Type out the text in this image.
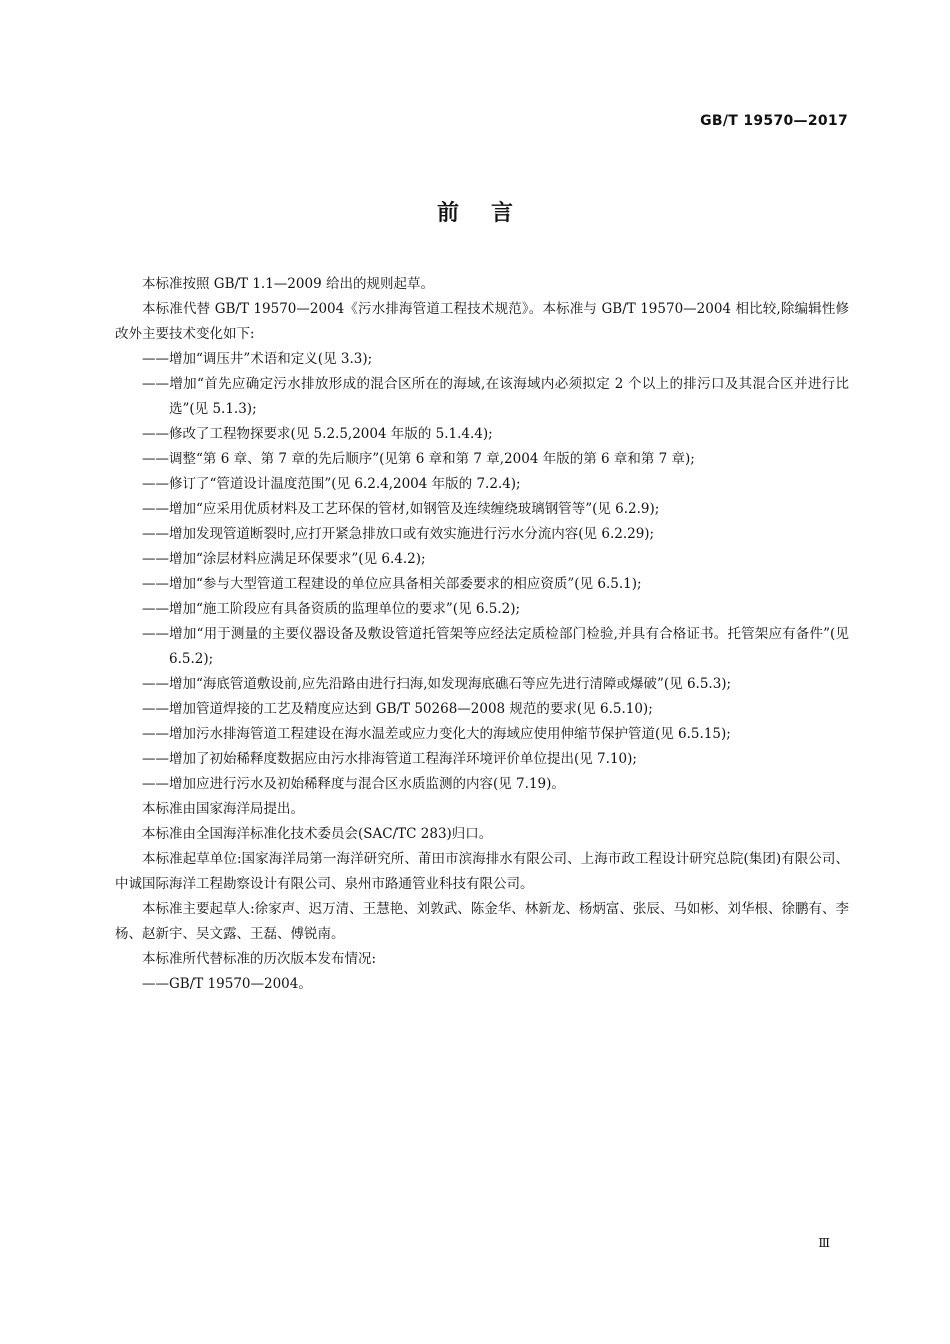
GB/T 19570—2017
前言

本标准按照 GB/T 1.1—2009 给出的规则起草。

本标准代替 GB/T 19570—2004《污水排海管道工程技术规范》。本标准与 GB/T 19570—2004 相比较,除编辑性修改外主要技术变化如下:

——增加“调压井”术语和定义(见 3.3);

——增加“首先应确定污水排放形成的混合区所在的海域,在该海域内必须拟定 2 个以上的排污口及其混合区并进行比选”(见 5.1.3);

——修改了工程物探要求(见 5.2.5,2004 年版的 5.1.4.4);

——调整“第 6 章、第 7 章的先后顺序”(见第 6 章和第 7 章,2004 年版的第 6 章和第 7 章);

——修订了“管道设计温度范围”(见 6.2.4,2004 年版的 7.2.4);

——增加“应采用优质材料及工艺环保的管材,如钢管及连续缠绕玻璃钢管等”(见 6.2.9);

——增加发现管道断裂时,应打开紧急排放口或有效实施进行污水分流内容(见 6.2.29);

——增加“涂层材料应满足环保要求”(见 6.4.2);

——增加“参与大型管道工程建设的单位应具备相关部委要求的相应资质”(见 6.5.1);

——增加“施工阶段应有具备资质的监理单位的要求”(见 6.5.2);

——增加“用于测量的主要仪器设备及敷设管道托管架等应经法定质检部门检验,并具有合格证书。托管架应有备件”(见 6.5.2);

——增加“海底管道敷设前,应先沿路由进行扫海,如发现海底礁石等应先进行清障或爆破”(见 6.5.3);

——增加管道焊接的工艺及精度应达到 GB/T 50268—2008 规范的要求(见 6.5.10);

——增加污水排海管道工程建设在海水温差或应力变化大的海域应使用伸缩节保护管道(见 6.5.15);

——增加了初始稀释度数据应由污水排海管道工程海洋环境评价单位提出(见 7.10);

——增加应进行污水及初始稀释度与混合区水质监测的内容(见 7.19)。

本标准由国家海洋局提出。

本标准由全国海洋标准化技术委员会(SAC/TC 283)归口。

本标准起草单位:国家海洋局第一海洋研究所、莆田市滨海排水有限公司、上海市政工程设计研究总院(集团)有限公司、中诚国际海洋工程勘察设计有限公司、泉州市路通管业科技有限公司。

本标准主要起草人:徐家声、迟万清、王慧艳、刘敦武、陈金华、林新龙、杨炳富、张辰、马如彬、刘华根、徐鹏有、李杨、赵新宇、吴文露、王磊、傅锐南。

本标准所代替标准的历次版本发布情况:

——GB/T 19570—2004。

Ⅲ
